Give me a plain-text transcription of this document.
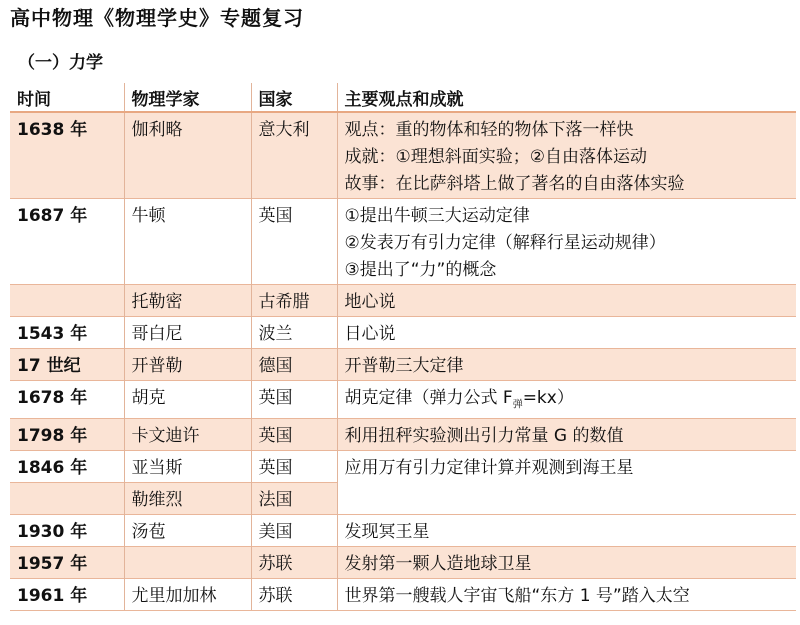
高中物理《物理学史》专题复习
（一）力学
时间	物理学家	国家	主要观点和成就
1638 年	伽利略	意大利	观点：重的物体和轻的物体下落一样快
成就：①理想斜面实验；②自由落体运动
故事：在比萨斜塔上做了著名的自由落体实验

1687 年	牛顿	英国	①提出牛顿三大运动定律
②发表万有引力定律（解释行星运动规律）
③提出了“力”的概念

	托勒密	古希腊	地心说
1543 年	哥白尼	波兰	日心说
17 世纪	开普勒	德国	开普勒三大定律
1678 年	胡克	英国	胡克定律（弹力公式 $F_弹=kx$）
1798 年	卡文迪许	英国	利用扭秤实验测出引力常量 G 的数值
1846 年	亚当斯	英国	应用万有引力定律计算并观测到海王星
	勒维烈	法国	
1930 年	汤苞	美国	发现冥王星
1957 年		苏联	发射第一颗人造地球卫星
1961 年	尤里加加林	苏联	世界第一艘载人宇宙飞船“东方 1 号”踏入太空
